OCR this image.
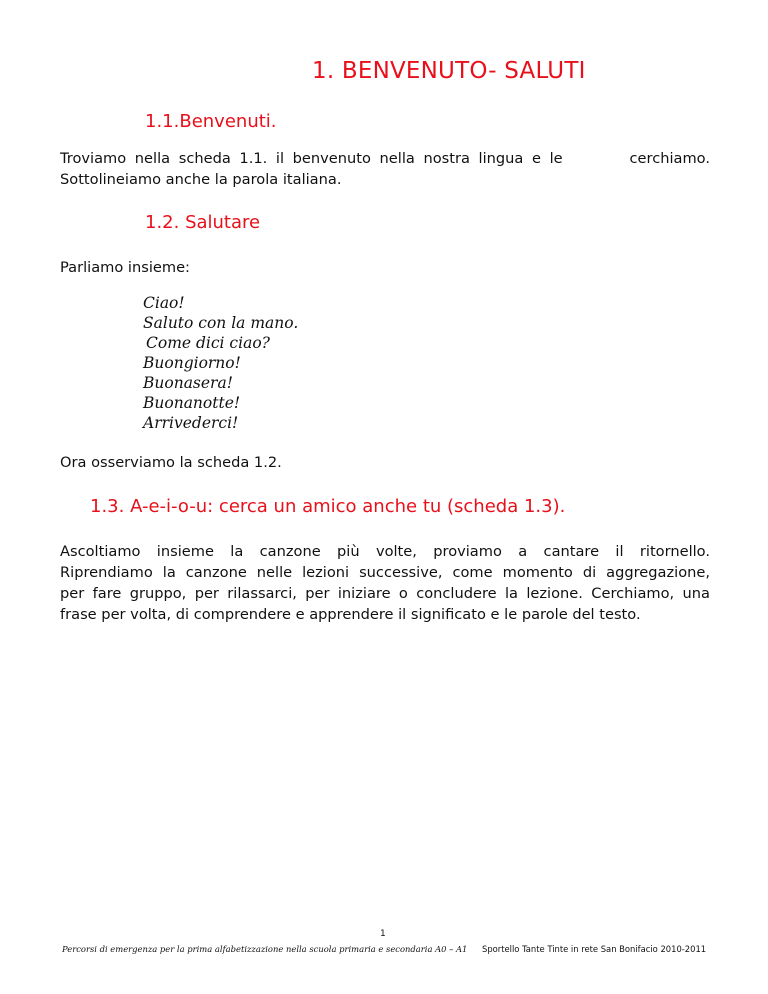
1. BENVENUTO- SALUTI
1.1.Benvenuti.
Troviamo nella scheda 1.1. il benvenuto nella nostra lingua e le	cerchiamo.
Sottolineiamo anche la parola italiana.
1.2. Salutare
Parliamo insieme:
Ciao!
Saluto con la mano.
Come dici ciao?
Buongiorno!
Buonasera!
Buonanotte!
Arrivederci!
Ora osserviamo la scheda 1.2.
1.3. A-e-i-o-u: cerca un amico anche tu (scheda 1.3).
Ascoltiamo insieme la canzone più volte, proviamo a cantare il ritornello.
Riprendiamo la canzone nelle lezioni successive, come momento di aggregazione,
per fare gruppo, per rilassarci, per iniziare o concludere la lezione. Cerchiamo, una
frase per volta, di comprendere e apprendere il significato e le parole del testo.
1
Percorsi di emergenza per la prima alfabetizzazione nella scuola primaria e secondaria A0 – A1 Sportello Tante Tinte in rete San Bonifacio 2010-2011
